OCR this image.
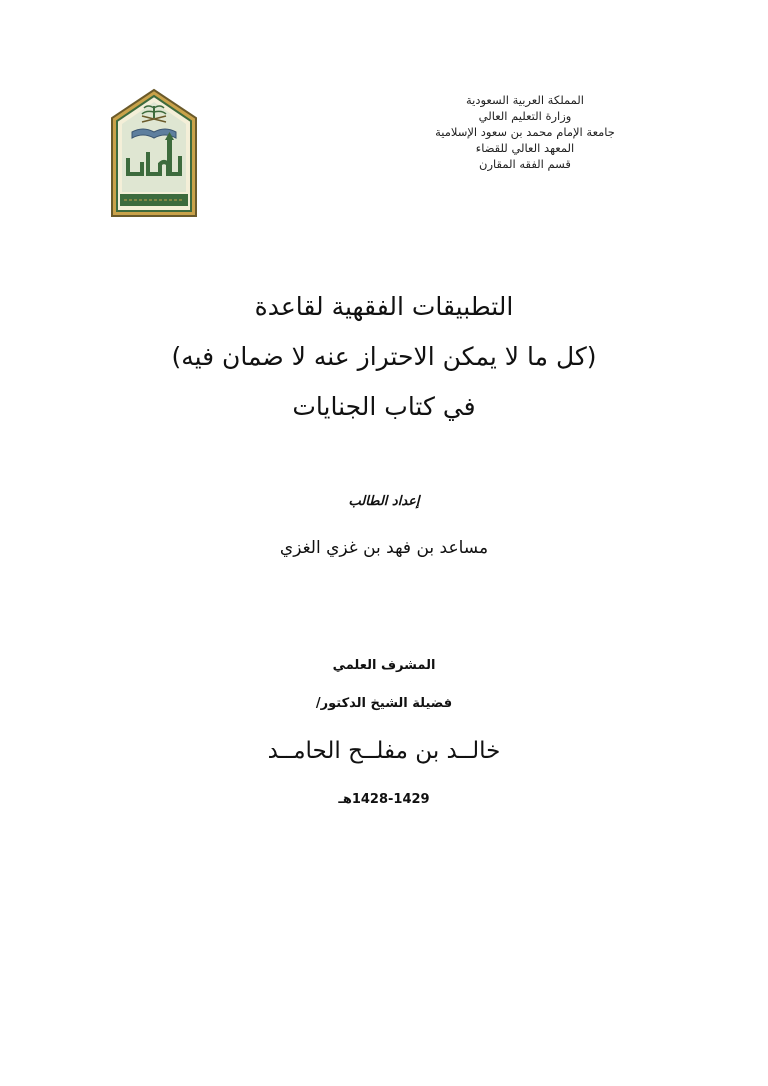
المملكة العربية السعودية
وزارة التعليم العالي
جامعة الإمام محمد بن سعود الإسلامية
المعهد العالي للقضاء
قسم الفقه المقارن
التطبيقات الفقهية لقاعدة
(كل ما لا يمكن الاحتراز عنه لا ضمان فيه)
في كتاب الجنايات
إعداد الطالب
مساعد بن فهد بن غزي الغزي
المشرف العلمي
فضيلة الشيخ الدكتور/
خالــد بن مفلــح الحامــد
1428-1429هـ
